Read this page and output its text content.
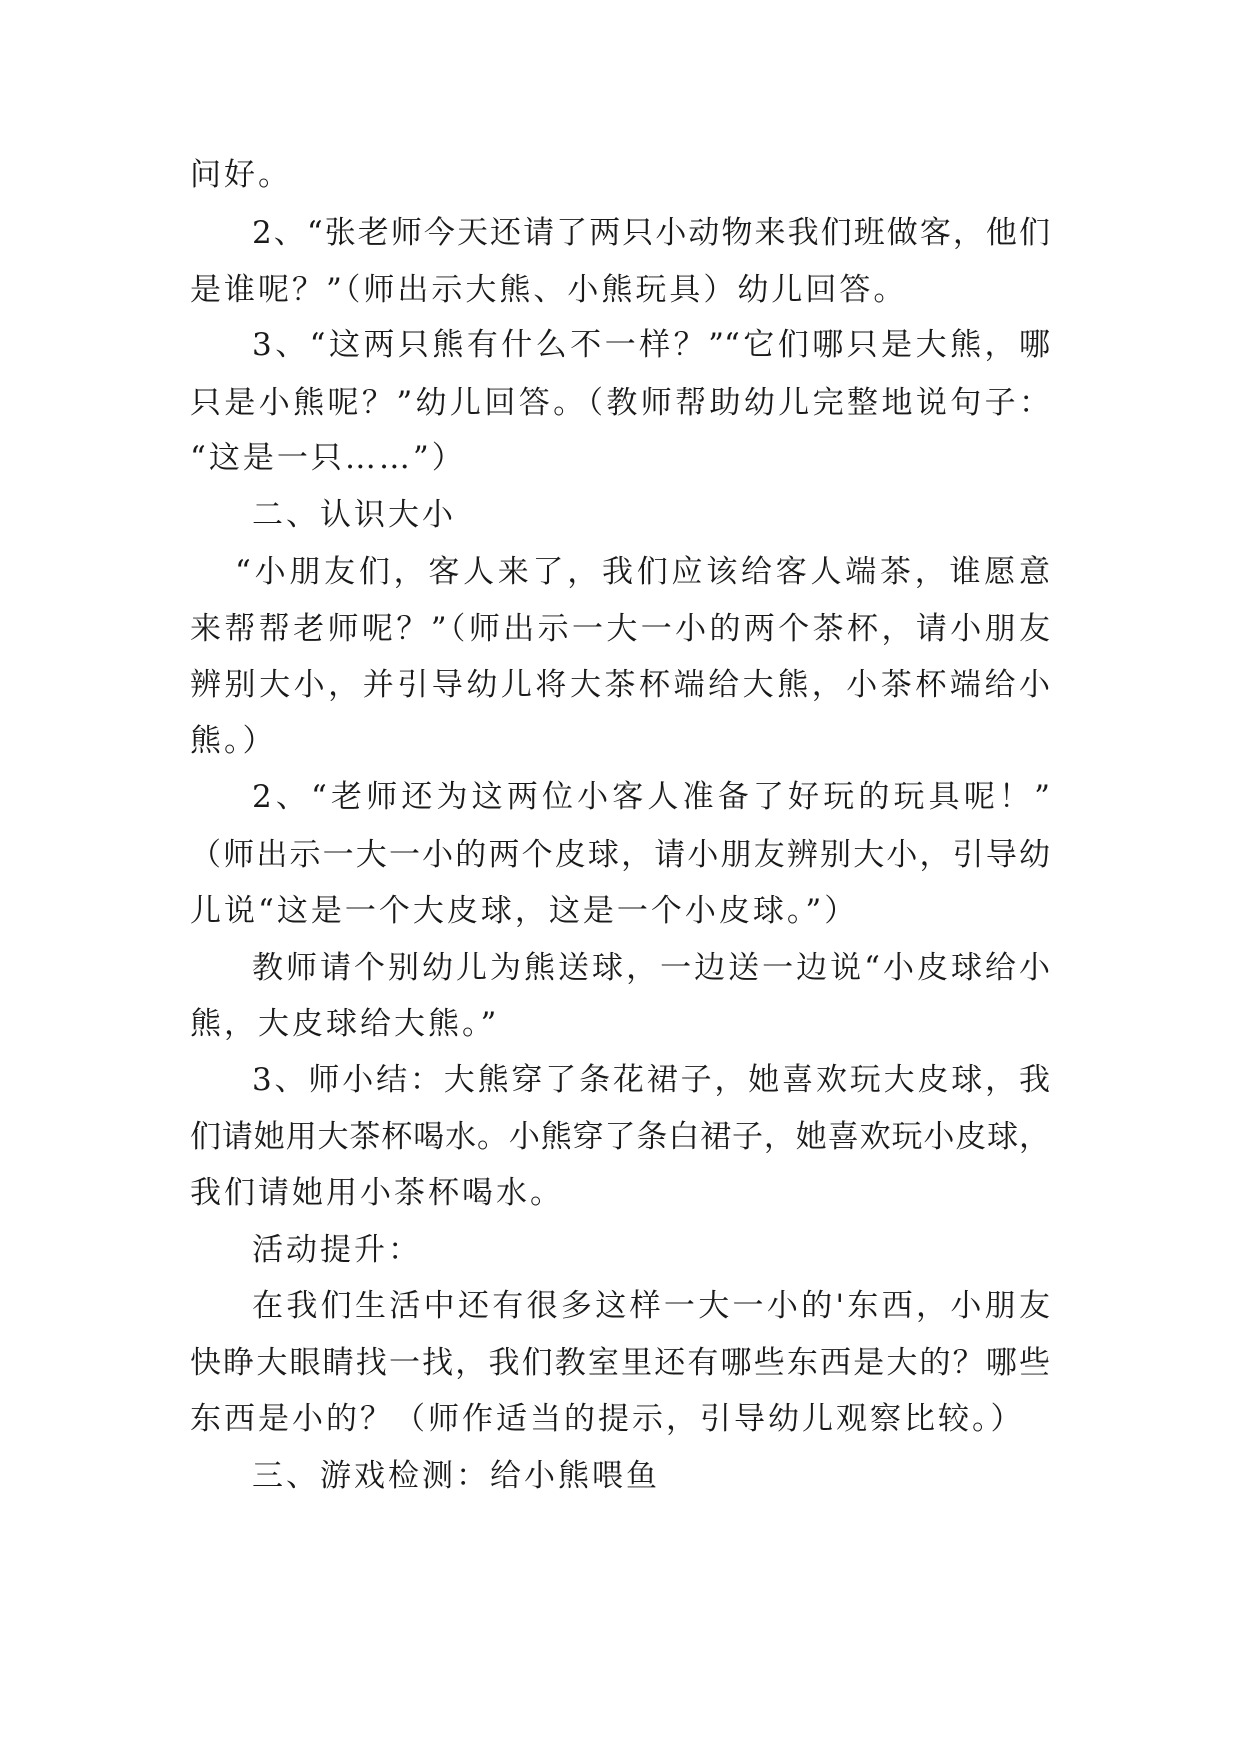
问好。
2、“张老师今天还请了两只小动物来我们班做客，他们
是谁呢？”（师出示大熊、小熊玩具）幼儿回答。
3、“这两只熊有什么不一样？”“它们哪只是大熊，哪
只是小熊呢？”幼儿回答。（教师帮助幼儿完整地说句子：
“这是一只……”）
二、认识大小
“小朋友们，客人来了，我们应该给客人端茶，谁愿意
来帮帮老师呢？”（师出示一大一小的两个茶杯，请小朋友
辨别大小，并引导幼儿将大茶杯端给大熊，小茶杯端给小
熊。）
2、“老师还为这两位小客人准备了好玩的玩具呢！”
（师出示一大一小的两个皮球，请小朋友辨别大小，引导幼
儿说“这是一个大皮球，这是一个小皮球。”）
教师请个别幼儿为熊送球，一边送一边说“小皮球给小
熊，大皮球给大熊。”
3、师小结：大熊穿了条花裙子，她喜欢玩大皮球，我
们请她用大茶杯喝水。小熊穿了条白裙子，她喜欢玩小皮球，
我们请她用小茶杯喝水。
活动提升：
在我们生活中还有很多这样一大一小的'东西，小朋友
快睁大眼睛找一找，我们教室里还有哪些东西是大的？哪些
东西是小的？（师作适当的提示，引导幼儿观察比较。）
三、游戏检测：给小熊喂鱼
